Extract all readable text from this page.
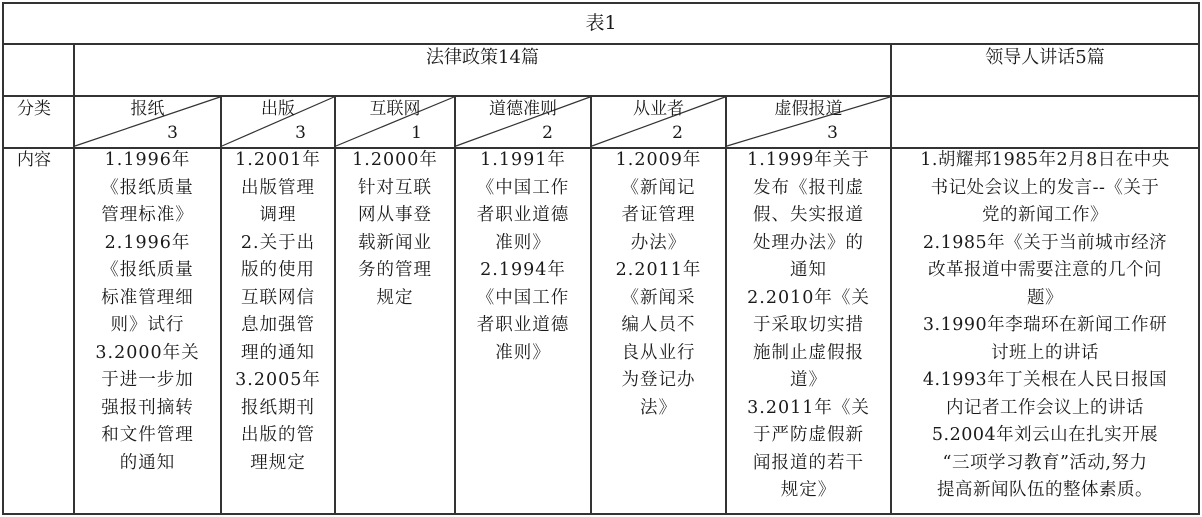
表1
法律政策14篇	领导人讲话5篇
分类
内容
报纸
3
出版
3
互联网
1
道德准则
2
从业者
2
虚假报道
3
1.1996年
《报纸质量
管理标准》
2.1996年
《报纸质量
标准管理细
则》试行
3.2000年关
于进一步加
强报刊摘转
和文件管理
的通知
1.2001年
出版管理
调理
2.关于出
版的使用
互联网信
息加强管
理的通知
3.2005年
报纸期刊
出版的管
理规定
1.2000年
针对互联
网从事登
载新闻业
务的管理
规定
1.1991年
《中国工作
者职业道德
准则》
2.1994年
《中国工作
者职业道德
准则》
1.2009年
《新闻记
者证管理
办法》
2.2011年
《新闻采
编人员不
良从业行
为登记办
法》
1.1999年关于
发布《报刊虚
假、失实报道
处理办法》的
通知
2.2010年《关
于采取切实措
施制止虚假报
道》
3.2011年《关
于严防虚假新
闻报道的若干
规定》
1.胡耀邦1985年2月8日在中央
书记处会议上的发言--《关于
党的新闻工作》
2.1985年《关于当前城市经济
改革报道中需要注意的几个问
题》
3.1990年李瑞环在新闻工作研
讨班上的讲话
4.1993年丁关根在人民日报国
内记者工作会议上的讲话
5.2004年刘云山在扎实开展
“三项学习教育”活动,努力
提高新闻队伍的整体素质。
